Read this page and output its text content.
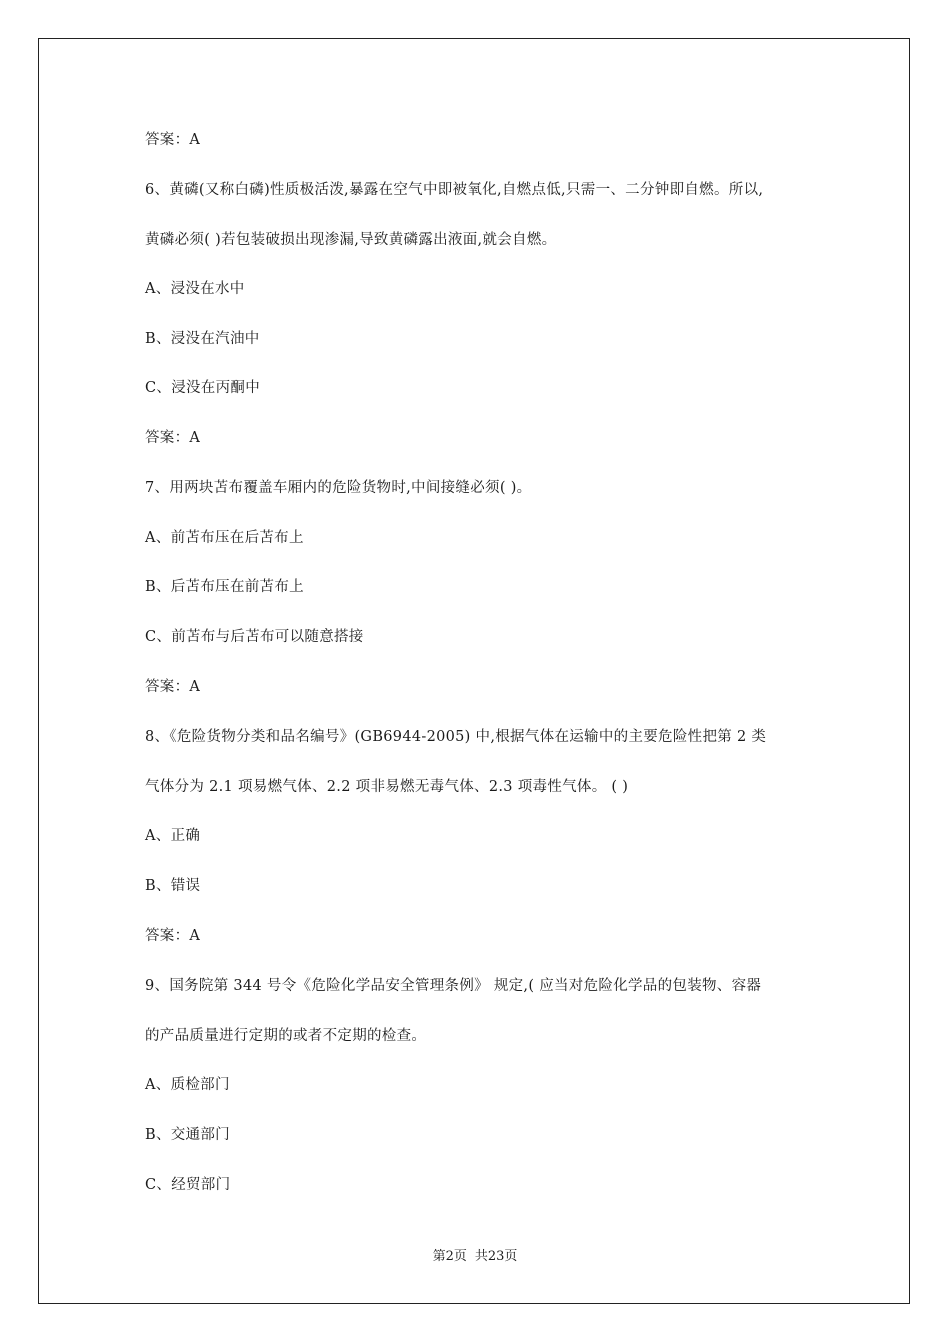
答案：A
6、黄磷(又称白磷)性质极活泼,暴露在空气中即被氧化,自燃点低,只需一、二分钟即自燃。所以,
黄磷必须( )若包装破损出现渗漏,导致黄磷露出液面,就会自燃。
A、浸没在水中
B、浸没在汽油中
C、浸没在丙酮中
答案：A
7、用两块苫布覆盖车厢内的危险货物时,中间接缝必须( )。
A、前苫布压在后苫布上
B、后苫布压在前苫布上
C、前苫布与后苫布可以随意搭接
答案：A
8、《危险货物分类和品名编号》(GB6944-2005) 中,根据气体在运输中的主要危险性把第 2 类
气体分为 2.1 项易燃气体、2.2 项非易燃无毒气体、2.3 项毒性气体。 ( )
A、正确
B、错误
答案：A
9、国务院第 344 号令《危险化学品安全管理条例》 规定,( 应当对危险化学品的包装物、容器
的产品质量进行定期的或者不定期的检查。
A、质检部门
B、交通部门
C、经贸部门
第2页 共23页
